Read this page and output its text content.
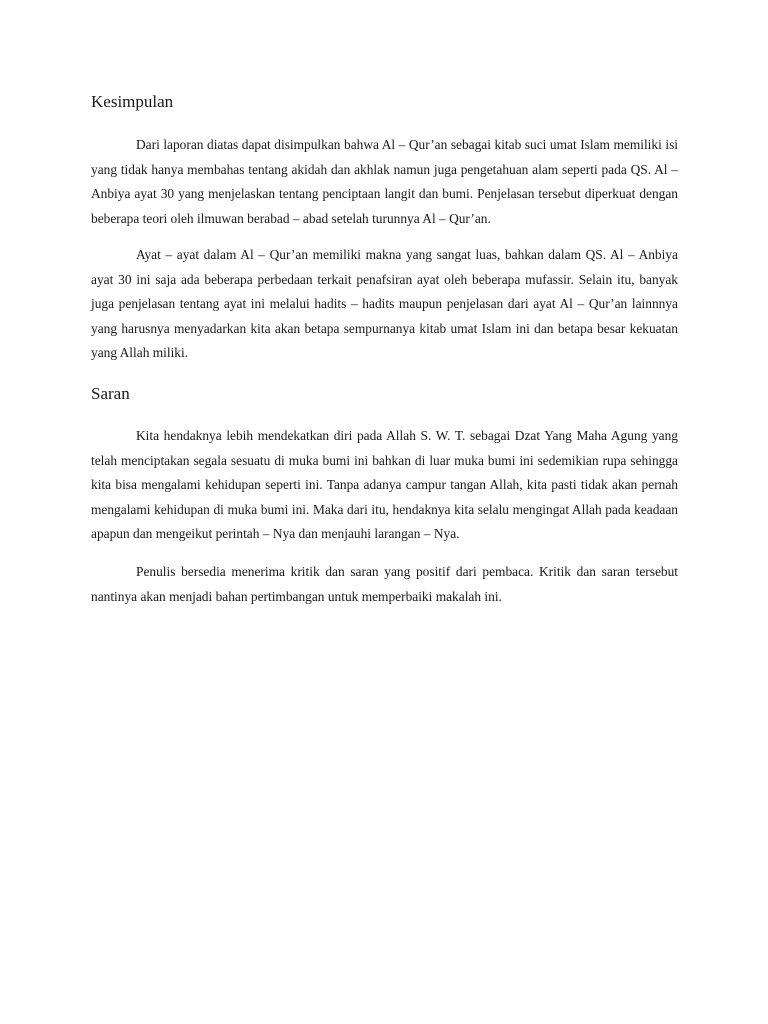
Kesimpulan

Dari laporan diatas dapat disimpulkan bahwa Al – Qur’an sebagai kitab suci umat Islam memiliki isi yang tidak hanya membahas tentang akidah dan akhlak namun juga pengetahuan alam seperti pada QS. Al – Anbiya ayat 30 yang menjelaskan tentang penciptaan langit dan bumi. Penjelasan tersebut diperkuat dengan beberapa teori oleh ilmuwan berabad – abad setelah turunnya Al – Qur’an.

Ayat – ayat dalam Al – Qur’an memiliki makna yang sangat luas, bahkan dalam QS. Al – Anbiya ayat 30 ini saja ada beberapa perbedaan terkait penafsiran ayat oleh beberapa mufassir. Selain itu, banyak juga penjelasan tentang ayat ini melalui hadits – hadits maupun penjelasan dari ayat Al – Qur’an lainnnya yang harusnya menyadarkan kita akan betapa sempurnanya kitab umat Islam ini dan betapa besar kekuatan yang Allah miliki.

Saran

Kita hendaknya lebih mendekatkan diri pada Allah S. W. T. sebagai Dzat Yang Maha Agung yang telah menciptakan segala sesuatu di muka bumi ini bahkan di luar muka bumi ini sedemikian rupa sehingga kita bisa mengalami kehidupan seperti ini. Tanpa adanya campur tangan Allah, kita pasti tidak akan pernah mengalami kehidupan di muka bumi ini. Maka dari itu, hendaknya kita selalu mengingat Allah pada keadaan apapun dan mengeikut perintah – Nya dan menjauhi larangan – Nya.

Penulis bersedia menerima kritik dan saran yang positif dari pembaca. Kritik dan saran tersebut nantinya akan menjadi bahan pertimbangan untuk memperbaiki makalah ini.
